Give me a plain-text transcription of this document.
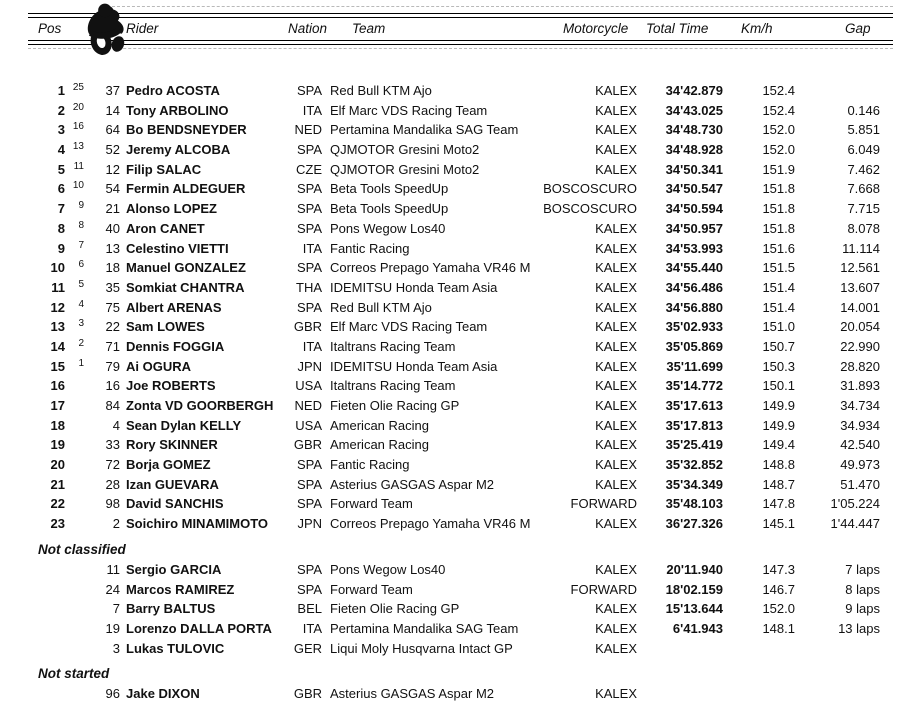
Pos	Rider	Nation Team	Motorcycle Total Time Km/h	Gap
1 25	37 Pedro ACOSTA	SPA Red Bull KTM Ajo	KALEX	34'42.879	152.4
2 20	14 Tony ARBOLINO	ITA Elf Marc VDS Racing Team	KALEX	34'43.025	152.4	0.146
3 16	64 Bo BENDSNEYDER	NED Pertamina Mandalika SAG Team	KALEX	34'48.730	152.0	5.851
4 13	52 Jeremy ALCOBA	SPA QJMOTOR Gresini Moto2	KALEX	34'48.928	152.0	6.049
5 11	12 Filip SALAC	CZE QJMOTOR Gresini Moto2	KALEX	34'50.341	151.9	7.462
6 10	54 Fermin ALDEGUER	SPA Beta Tools SpeedUp	BOSCOSCURO	34'50.547	151.8	7.668
7	9	21 Alonso LOPEZ	SPA Beta Tools SpeedUp	BOSCOSCURO	34'50.594	151.8	7.715
8	8	40 Aron CANET	SPA Pons Wegow Los40	KALEX	34'50.957	151.8	8.078
9	7	13 Celestino VIETTI	ITA Fantic Racing	KALEX	34'53.993	151.6	11.114
10	6	18 Manuel GONZALEZ	SPA Correos Prepago Yamaha VR46 M	KALEX	34'55.440	151.5	12.561
11	5	35 Somkiat CHANTRA	THA IDEMITSU Honda Team Asia	KALEX	34'56.486	151.4	13.607
12	4	75 Albert ARENAS	SPA Red Bull KTM Ajo	KALEX	34'56.880	151.4	14.001
13	3	22 Sam LOWES	GBR Elf Marc VDS Racing Team	KALEX	35'02.933	151.0	20.054
14	2	71 Dennis FOGGIA	ITA Italtrans Racing Team	KALEX	35'05.869	150.7	22.990
15	1	79 Ai OGURA	JPN IDEMITSU Honda Team Asia	KALEX	35'11.699	150.3	28.820
16	16 Joe ROBERTS	USA Italtrans Racing Team	KALEX	35'14.772	150.1	31.893
17	84 Zonta VD GOORBERGH	NED Fieten Olie Racing GP	KALEX	35'17.613	149.9	34.734
18	4 Sean Dylan KELLY	USA American Racing	KALEX	35'17.813	149.9	34.934
19	33 Rory SKINNER	GBR American Racing	KALEX	35'25.419	149.4	42.540
20	72 Borja GOMEZ	SPA Fantic Racing	KALEX	35'32.852	148.8	49.973
21	28 Izan GUEVARA	SPA Asterius GASGAS Aspar M2	KALEX	35'34.349	148.7	51.470
22	98 David SANCHIS	SPA Forward Team	FORWARD	35'48.103	147.8	1'05.224
23	2 Soichiro MINAMIMOTO	JPN Correos Prepago Yamaha VR46 M	KALEX	36'27.326	145.1	1'44.447
Not classified
11 Sergio GARCIA	SPA Pons Wegow Los40	KALEX	20'11.940	147.3	7 laps
24 Marcos RAMIREZ	SPA Forward Team	FORWARD	18'02.159	146.7	8 laps
7 Barry BALTUS	BEL Fieten Olie Racing GP	KALEX	15'13.644	152.0	9 laps
19 Lorenzo DALLA PORTA	ITA Pertamina Mandalika SAG Team	KALEX	6'41.943	148.1	13 laps
3 Lukas TULOVIC	GER Liqui Moly Husqvarna Intact GP	KALEX
Not started
96 Jake DIXON	GBR Asterius GASGAS Aspar M2	KALEX
